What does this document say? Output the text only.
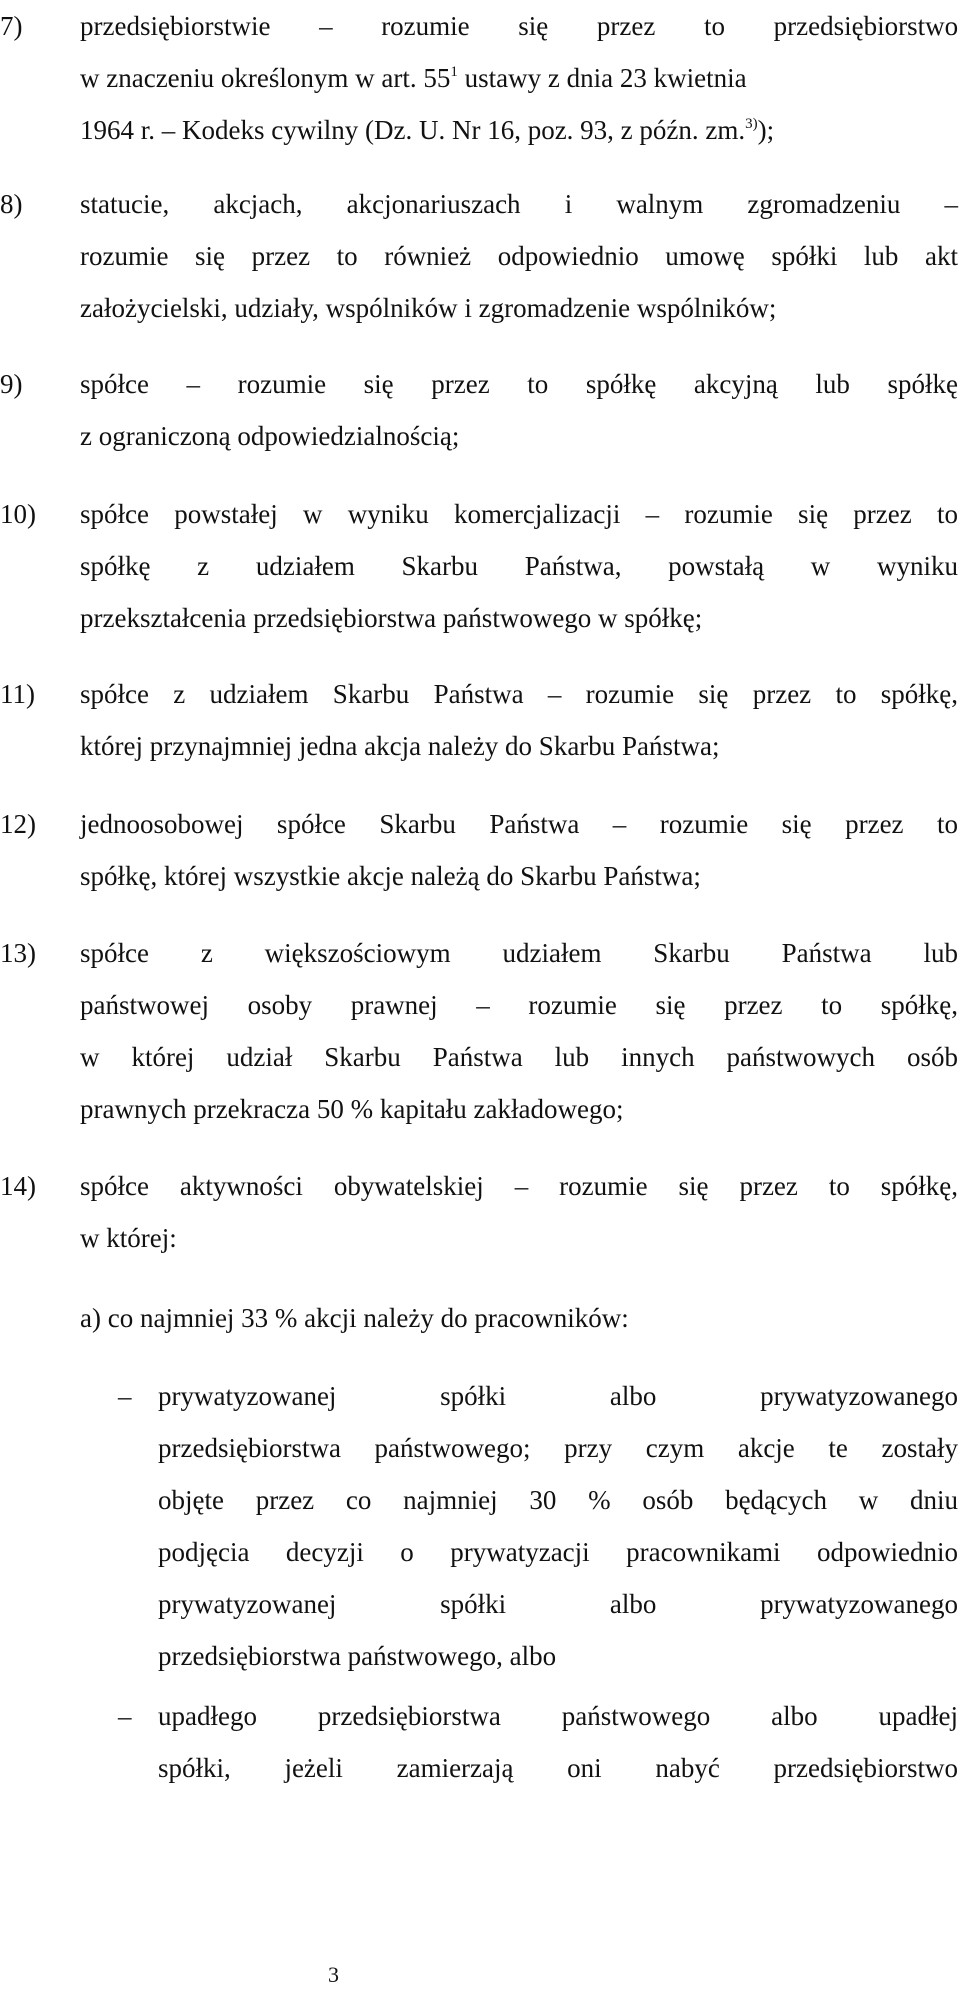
7)	przedsiębiorstwie – rozumie się przez to przedsiębiorstwo
w znaczeniu określonym w art. $55^1$ ustawy z dnia 23 kwietnia
1964 r. – Kodeks cywilny (Dz. U. Nr 16, poz. 93, z późn. zm.$^{3)}$);
8)	statucie, akcjach, akcjonariuszach i walnym zgromadzeniu –
rozumie się przez to również odpowiednio umowę spółki lub akt
założycielski, udziały, wspólników i zgromadzenie wspólników;
9)	spółce – rozumie się przez to spółkę akcyjną lub spółkę
z ograniczoną odpowiedzialnością;
10)	spółce powstałej w wyniku komercjalizacji – rozumie się przez to
spółkę z udziałem Skarbu Państwa, powstałą w wyniku
przekształcenia przedsiębiorstwa państwowego w spółkę;
11)	spółce z udziałem Skarbu Państwa – rozumie się przez to spółkę,
której przynajmniej jedna akcja należy do Skarbu Państwa;
12)	jednoosobowej spółce Skarbu Państwa – rozumie się przez to
spółkę, której wszystkie akcje należą do Skarbu Państwa;
13)	spółce z większościowym udziałem Skarbu Państwa lub
państwowej osoby prawnej – rozumie się przez to spółkę,
w której udział Skarbu Państwa lub innych państwowych osób
prawnych przekracza 50 % kapitału zakładowego;
14)	spółce aktywności obywatelskiej – rozumie się przez to spółkę,
w której:
a) co najmniej 33 % akcji należy do pracowników:
– prywatyzowanej spółki albo prywatyzowanego
przedsiębiorstwa państwowego; przy czym akcje te zostały
objęte przez co najmniej 30 % osób będących w dniu
podjęcia decyzji o prywatyzacji pracownikami odpowiednio
prywatyzowanej spółki albo prywatyzowanego
przedsiębiorstwa państwowego, albo
– upadłego przedsiębiorstwa państwowego albo upadłej
spółki, jeżeli zamierzają oni nabyć przedsiębiorstwo
3
